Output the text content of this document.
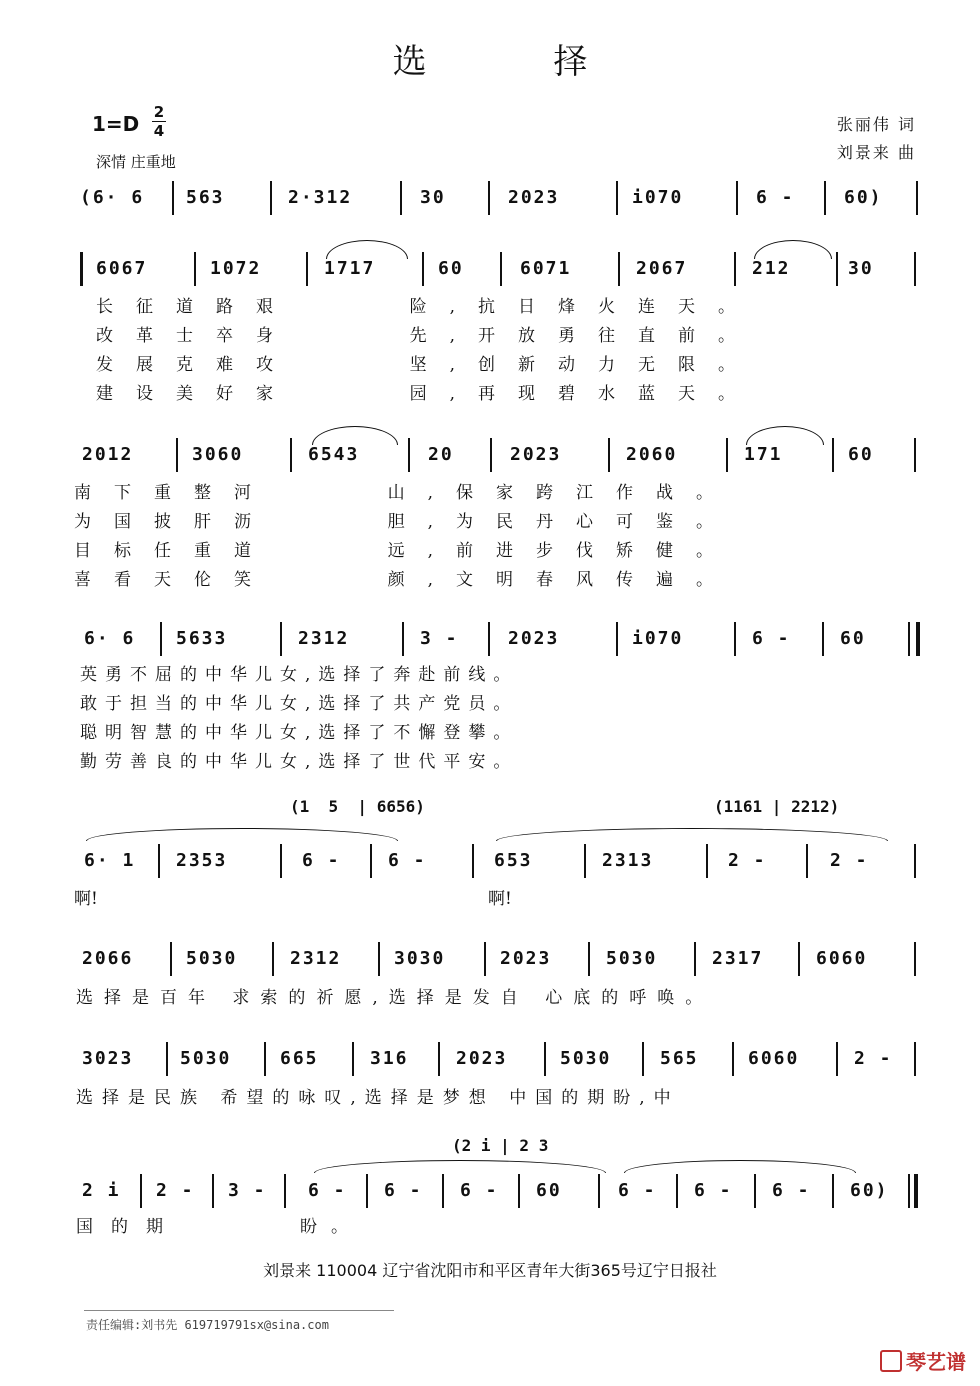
选 择
$1=D \frac{2}{4}$
深情 庄重地
张丽伟 词
刘景来 曲
(6· 6 563	2·312	30	2023	i070	6 -	60)
6067	1072	1717	60	6071	2067	212	30
长征道路艰    险,抗日烽火连天。
改革士卒身    先,开放勇往直前。
发展克难攻    坚,创新动力无限。
建设美好家    园,再现碧水蓝天。
2012	3060	6543	20	2023	2060	171	60
南下重整河    山,保家跨江作战。
为国披肝沥    胆,为民丹心可鉴。
目标任重道    远,前进步伐矫健。
喜看天伦笑    颜,文明春风传遍。
6· 6 5633	2312	3 -	2023	i070	6 -	60
英勇不屈的中华儿女,选择了奔赴前线。
敢于担当的中华儿女,选择了共产党员。
聪明智慧的中华儿女,选择了不懈登攀。
勤劳善良的中华儿女,选择了世代平安。
(1  5  | 6656)	(1161 | 2212)
6· 1 2353	6 -	6 -	653	2313	2 -	2 -
啊!	啊!
2066	5030	2312	3030	2023	5030	2317	6060
选择是百年 求索的祈愿,选择是发自 心底的呼唤。
3023	5030	665	316	2023	5030	565	6060	2 -
选择是民族 希望的咏叹,选择是梦想 中国的期盼,中
(2 i | 2 3
2 i 2 - 3 - 6 - 6 - 6 - 60	6 - 6 - 6 - 60)
国的期	盼。
刘景来 110004 辽宁省沈阳市和平区青年大街365号辽宁日报社
责任编辑:刘书先 619719791sx@sina.com
琴艺谱
